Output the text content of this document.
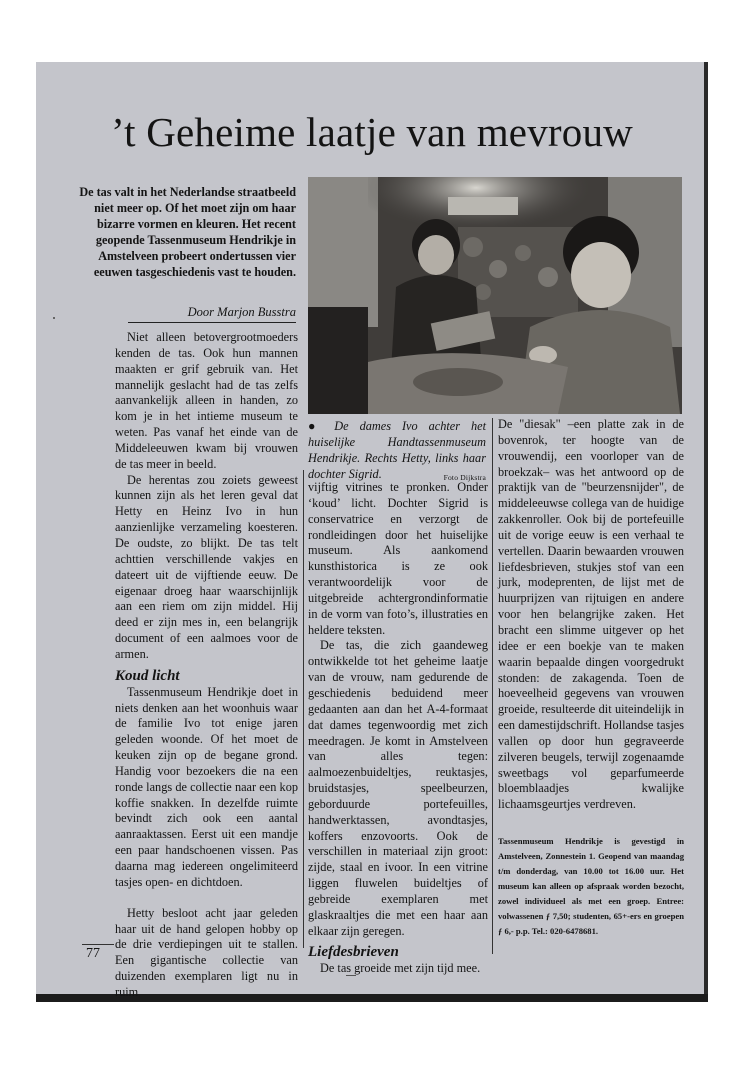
’t Geheime laatje van mevrouw
De tas valt in het Nederlandse straatbeeld niet meer op. Of het moet zijn om haar bizarre vormen en kleuren. Het recent geopende Tassenmuseum Hendrikje in Amstelveen probeert ondertussen vier eeuwen tasgeschiedenis vast te houden.
Door Marjon Busstra

Niet alleen betovergrootmoeders kenden de tas. Ook hun mannen maakten er grif gebruik van. Het mannelijk geslacht had de tas zelfs aanvankelijk alleen in handen, zo kom je in het intieme museum te weten. Pas vanaf het einde van de Middeleeuwen kwam bij vrouwen de tas meer in beeld.

De herentas zou zoiets geweest kunnen zijn als het leren geval dat Hetty en Heinz Ivo in hun aanzienlijke verzameling koesteren. De oudste, zo blijkt. De tas telt achttien verschillende vakjes en dateert uit de vijftiende eeuw. De eigenaar droeg haar waarschijnlijk aan een riem om zijn middel. Hij deed er zijn mes in, een belangrijk document of een aalmoes voor de armen.

Koud licht

Tassenmuseum Hendrikje doet in niets denken aan het woonhuis waar de familie Ivo tot enige jaren geleden woonde. Of het moet de keuken zijn op de begane grond. Handig voor bezoekers die na een ronde langs de collectie naar een kop koffie snakken. In dezelfde ruimte bevindt zich ook een aantal aanraaktassen. Eerst uit een mandje een paar handschoenen vissen. Pas daarna mag iedereen ongelimiteerd tasjes open- en dichtdoen.

Hetty besloot acht jaar geleden haar uit de hand gelopen hobby op de drie verdiepingen uit te stallen. Een gigantische collectie van duizenden exemplaren ligt nu in ruim

● De dames Ivo achter het huiselijke Handtassenmuseum Hendrikje. Rechts Hetty, links haar dochter Sigrid.	Foto Dijkstra

vijftig vitrines te pronken. Onder ‘koud’ licht. Dochter Sigrid is conservatrice en verzorgt de rondleidingen door het huiselijke museum. Als aankomend kunsthistorica is ze ook verantwoordelijk voor de uitgebreide achtergrondinformatie in de vorm van foto’s, illustraties en heldere teksten.

De tas, die zich gaandeweg ontwikkelde tot het geheime laatje van de vrouw, nam gedurende de geschiedenis beduidend meer gedaanten aan dan het A-4-formaat dat dames tegenwoordig met zich meedragen. Je komt in Amstelveen van alles tegen: aalmoezenbuideltjes, reuktasjes, bruidstasjes, speelbeurzen, geborduurde portefeuilles, handwerktassen, avondtasjes, koffers enzovoorts. Ook de verschillen in materiaal zijn groot: zijde, staal en ivoor. In een vitrine liggen fluwelen buideltjes of gebreide exemplaren met glaskraaltjes die met een haar aan elkaar zijn geregen.

Liefdesbrieven

De tas groeide met zijn tijd mee.

De "diesak" –een platte zak in de bovenrok, ter hoogte van de vrouwendij, een voorloper van de broekzak– was het antwoord op de praktijk van de "beurzensnijder", de middeleeuwse collega van de huidige zakkenroller. Ook bij de portefeuille uit de vorige eeuw is een verhaal te vertellen. Daarin bewaarden vrouwen liefdesbrieven, stukjes stof van een jurk, modeprenten, de lijst met de huurprijzen van rijtuigen en andere voor hen belangrijke zaken. Het bracht een slimme uitgever op het idee er een boekje van te maken waarin bepaalde dingen voorgedrukt stonden: de zakagenda. Toen de hoeveelheid gegevens van vrouwen groeide, resulteerde dit uiteindelijk in een damestijdschrift. Hollandse tasjes vallen op door hun gegraveerde zilveren beugels, terwijl zogenaamde sweetbags vol geparfumeerde bloemblaadjes kwalijke lichaamsgeurtjes verdreven.

Tassenmuseum Hendrikje is gevestigd in Amstelveen, Zonnestein 1. Geopend van maandag t/m donderdag, van 10.00 tot 16.00 uur. Het museum kan alleen op afspraak worden bezocht, zowel individueel als met een groep. Entree: volwassenen ƒ 7,50; studenten, 65+-ers en groepen ƒ 6,- p.p. Tel.: 020-6478681.
77
